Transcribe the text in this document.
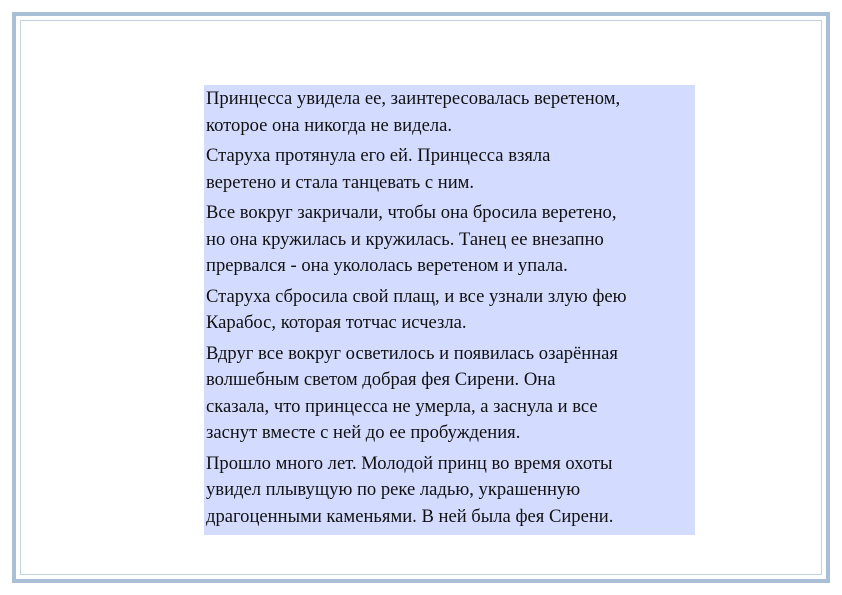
Принцесса увидела ее, заинтересовалась веретеном,
которое она никогда не видела.

Старуха протянула его ей. Принцесса взяла
веретено и стала танцевать с ним.

Все вокруг закричали, чтобы она бросила веретено,
но она кружилась и кружилась. Танец ее внезапно
прервался - она укололась веретеном и упала.

Старуха сбросила свой плащ, и все узнали злую фею
Карабос, которая тотчас исчезла.

Вдруг все вокруг осветилось и появилась озарённая
волшебным светом добрая фея Сирени. Она
сказала, что принцесса не умерла, а заснула и все
заснут вместе с ней до ее пробуждения.

Прошло много лет. Молодой принц во время охоты
увидел плывущую по реке ладью, украшенную
драгоценными каменьями. В ней была фея Сирени.
